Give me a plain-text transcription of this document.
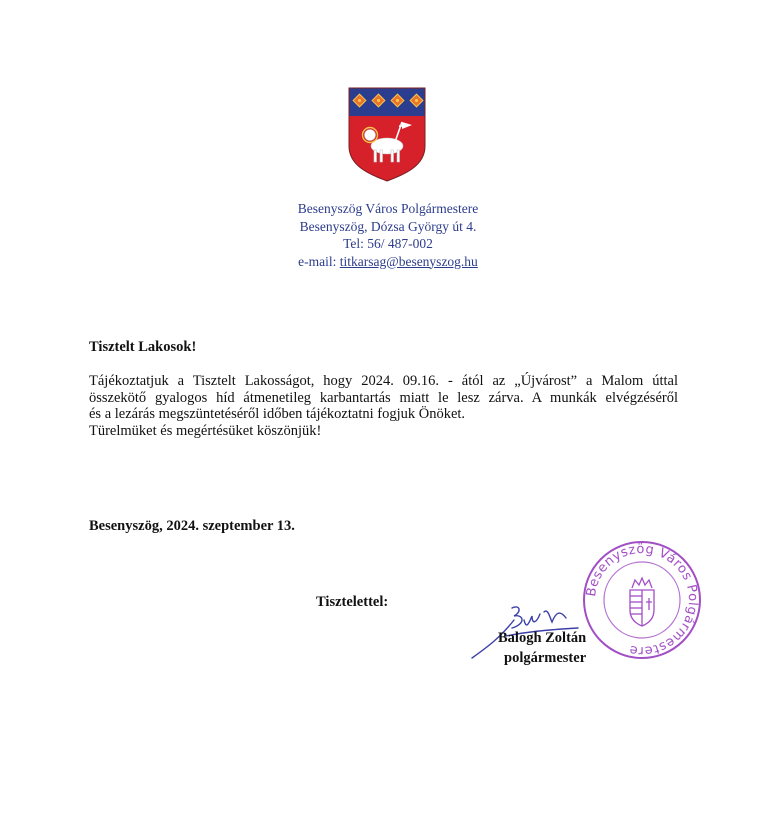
Besenyszög Város Polgármestere
Besenyszög, Dózsa György út 4.
Tel: 56/ 487-002
e-mail: titkarsag@besenyszog.hu
Tisztelt Lakosok!

Tájékoztatjuk a Tisztelt Lakosságot, hogy 2024. 09.16. - ától az „Újvárost” a Malom úttal

összekötő gyalogos híd átmenetileg karbantartás miatt le lesz zárva. A munkák elvégzéséről

és a lezárás megszüntetéséről időben tájékoztatni fogjuk Önöket.

Türelmüket és megértésüket köszönjük!

Besenyszög, 2024. szeptember 13.
Tisztelettel:
Besenyszög Város Polgármestere
Balogh Zoltán
polgármester
